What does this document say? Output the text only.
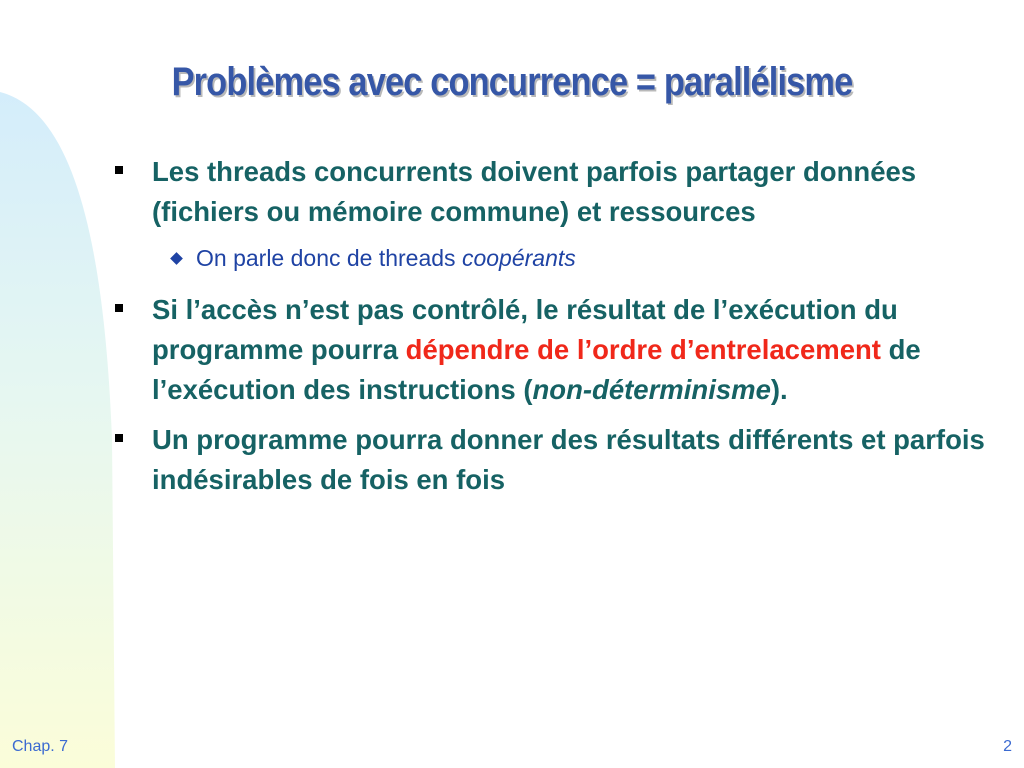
Problèmes avec concurrence = parallélisme
Les threads concurrents doivent parfois partager données (fichiers ou mémoire commune) et ressources
On parle donc de threads coopérants
Si l’accès n’est pas contrôlé, le résultat de l’exécution du programme pourra dépendre de l’ordre d’entrelacement de l’exécution des instructions (non-déterminisme).
Un programme pourra donner des résultats différents et parfois indésirables de fois en fois
Chap. 7	2
